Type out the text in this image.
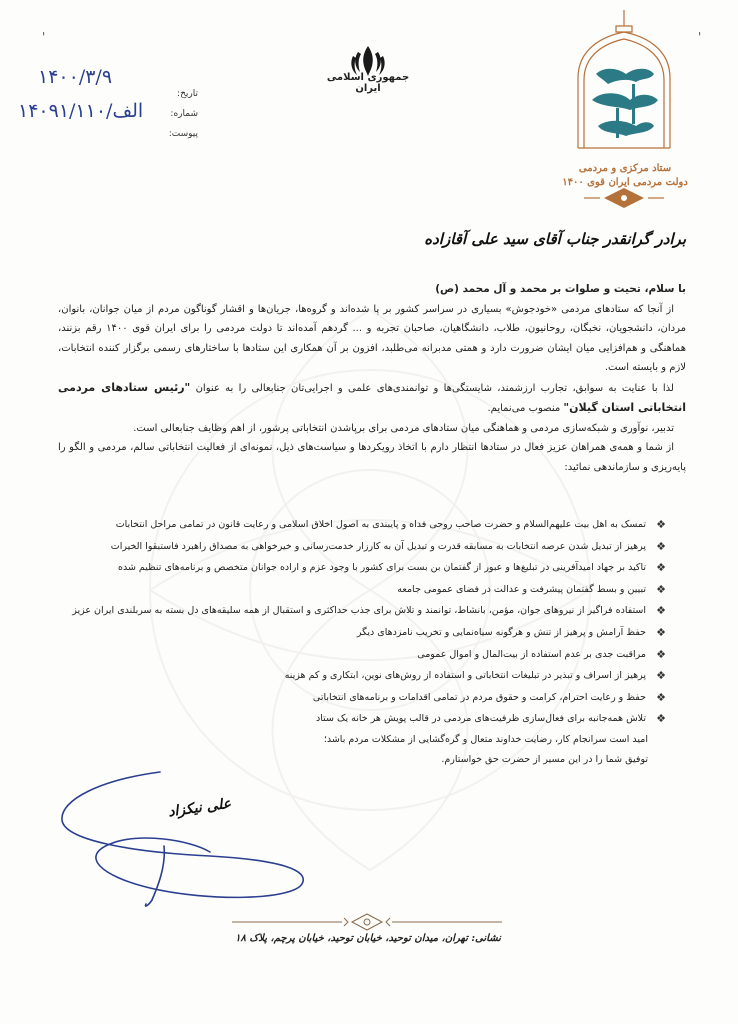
'	'
جمهوری اسلامی ایران
تاریخ:
شماره:
پیوست:
۱۴۰۰/۳/۹
۱۴۰۹۱/۱۱۰/الف
ستاد مرکزی و مردمی
دولت مردمی ایران قوی ۱۴۰۰
برادر گرانقدر جناب آقای سید علی آقازاده

با سلام، تحیت و صلوات بر محمد و آل محمد (ص)

از آنجا که ستادهای مردمی «خودجوش» بسیاری در سراسر کشور بر پا شده‌اند و گروه‌ها، جریان‌ها و اقشار گوناگون مردم از میان جوانان، بانوان، مردان، دانشجویان، نخبگان، روحانیون، طلاب، دانشگاهیان، صاحبان تجربه و ... گردهم آمده‌اند تا دولت مردمی را برای ایران قوی ۱۴۰۰ رقم بزنند، هماهنگی و هم‌افزایی میان ایشان ضرورت دارد و همتی مدبرانه می‌طلبد، افزون بر آن همکاری این ستادها با ساختارهای رسمی برگزار کننده انتخابات، لازم و بایسته است.

لذا با عنایت به سوابق، تجارب ارزشمند، شایستگی‌ها و توانمندی‌های علمی و اجرایی‌تان جنابعالی را به عنوان "رئیس ستادهای مردمی انتخاباتی استان گیلان" منصوب می‌نمایم.

تدبیر، نوآوری و شبکه‌سازی مردمی و هماهنگی میان ستادهای مردمی برای برپاشدن انتخاباتی پرشور، از اهم وظایف جنابعالی است.

از شما و همه‌ی همراهان عزیز فعال در ستادها انتظار دارم با اتخاذ رویکردها و سیاست‌های ذیل، نمونه‌ای از فعالیت انتخاباتی سالم، مردمی و الگو را پایه‌ریزی و سازماندهی نمائید:

❖
تمسک به اهل بیت علیهم‌السلام و حضرت صاحب روحی فداه و پایبندی به اصول اخلاق اسلامی و رعایت قانون در تمامی مراحل انتخابات
❖
پرهیز از تبدیل شدن عرصه انتخابات به مسابقه قدرت و تبدیل آن به کارزار خدمت‌رسانی و خیرخواهی به مصداق راهبرد فاستبقوا الخیرات
❖
تاکید بر جهاد امیدآفرینی در تبلیغ‌ها و عبور از گفتمان بن بست برای کشور با وجود عزم و اراده جوانان متخصص و برنامه‌های تنظیم شده
❖
تبیین و بسط گفتمان پیشرفت و عدالت در فضای عمومی جامعه
❖
استفاده فراگیر از نیروهای جوان، مؤمن، بانشاط، توانمند و تلاش برای جذب حداکثری و استقبال از همه سلیقه‌های دل بسته به سربلندی ایران عزیز
❖
حفظ آرامش و پرهیز از تنش و هرگونه سیاه‌نمایی و تخریب نامزدهای دیگر
❖
مراقبت جدی بر عدم استفاده از بیت‌المال و اموال عمومی
❖
پرهیز از اسراف و تبذیر در تبلیغات انتخاباتی و استفاده از روش‌های نوین، ابتکاری و کم هزینه
❖
حفظ و رعایت احترام، کرامت و حقوق مردم در تمامی اقدامات و برنامه‌های انتخاباتی
❖
تلاش همه‌جانبه برای فعال‌سازی ظرفیت‌های مردمی در قالب پویش هر خانه یک ستاد
امید است سرانجام کار، رضایت خداوند متعال و گره‌گشایی از مشکلات مردم باشد؛
توفیق شما را در این مسیر از حضرت حق خواستارم.
علی نیکزاد
نشانی: تهران، میدان توحید، خیابان توحید، خیابان پرچم، پلاک ۱۸
